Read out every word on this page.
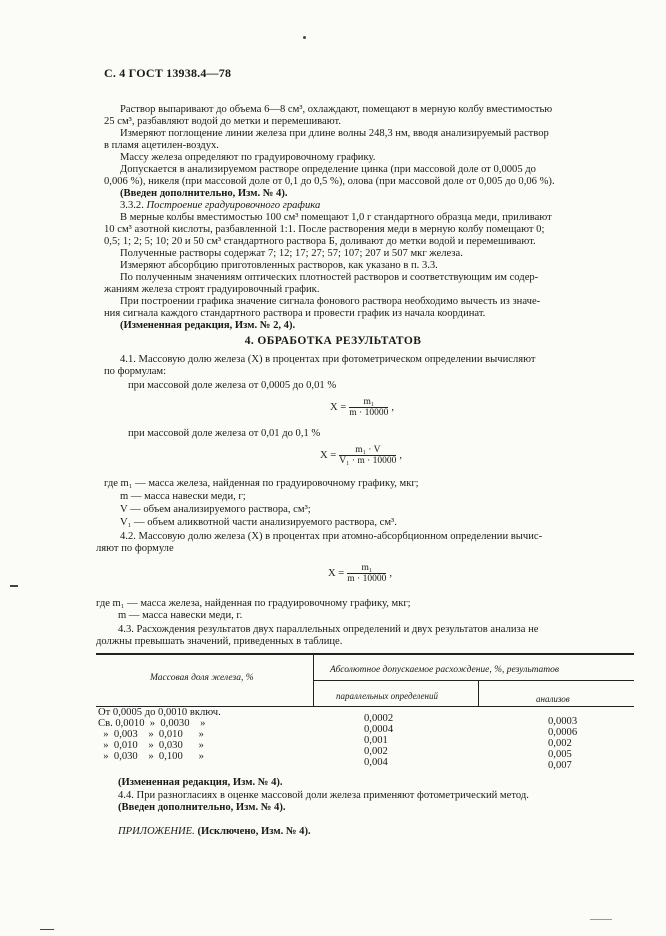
С. 4 ГОСТ 13938.4—78
Раствор выпаривают до объема 6—8 см³, охлаждают, помещают в мерную колбу вместимостью
25 см³, разбавляют водой до метки и перемешивают.
Измеряют поглощение линии железа при длине волны 248,3 нм, вводя анализируемый раствор
в пламя ацетилен-воздух.
Массу железа определяют по градуировочному графику.
Допускается в анализируемом растворе определение цинка (при массовой доле от 0,0005 до
0,006 %), никеля (при массовой доле от 0,1 до 0,5 %), олова (при массовой доле от 0,005 до 0,06 %).
(Введен дополнительно, Изм. № 4).
3.3.2. Построение градуировочного графика
В мерные колбы вместимостью 100 см³ помещают 1,0 г стандартного образца меди, приливают
10 см³ азотной кислоты, разбавленной 1:1. После растворения меди в мерную колбу помещают 0;
0,5; 1; 2; 5; 10; 20 и 50 см³ стандартного раствора Б, доливают до метки водой и перемешивают.
Полученные растворы содержат 7; 12; 17; 27; 57; 107; 207 и 507 мкг железа.
Измеряют абсорбцию приготовленных растворов, как указано в п. 3.3.
По полученным значениям оптических плотностей растворов и соответствующим им содер-
жаниям железа строят градуировочный график.
При построении графика значение сигнала фонового раствора необходимо вычесть из значе-
ния сигнала каждого стандартного раствора и провести график из начала координат.
(Измененная редакция, Изм. № 2, 4).
4. ОБРАБОТКА РЕЗУЛЬТАТОВ
4.1. Массовую долю железа (X) в процентах при фотометрическом определении вычисляют
по формулам:
при массовой доле железа от 0,0005 до 0,01 %
$X = \frac{\text{m₁}}{m \cdot 10000}$ ,
при массовой доле железа от 0,01 до 0,1 %
$X = \frac{\text{m₁ · V}}{\text{V₁ · m · 10000}}$ ,
где m₁ — масса железа, найденная по градуировочному графику, мкг;
m — масса навески меди, г;
V — объем анализируемого раствора, см³;
V₁ — объем аликвотной части анализируемого раствора, см³.
4.2. Массовую долю железа (X) в процентах при атомно-абсорбционном определении вычис-
ляют по формуле
$X = \frac{\text{m₁}}{m \cdot 10000}$ ,
где m₁ — масса железа, найденная по градуировочному графику, мкг;
m — масса навески меди, г.
4.3. Расхождения результатов двух параллельных определений и двух результатов анализа не
должны превышать значений, приведенных в таблице.
Массовая доля железа, %
Абсолютное допускаемое расхождение, %, результатов
параллельных определений	анализов
От 0,0005 до 0,0010 включ.
Св. 0,0010  »  0,0030    »
»  0,003    »  0,010      »
»  0,010    »  0,030      »
»  0,030    »  0,100      »
0,0002
0,0004
0,001
0,002
0,004
0,0003
0,0006
0,002
0,005
0,007
(Измененная редакция, Изм. № 4).
4.4. При разногласиях в оценке массовой доли железа применяют фотометрический метод.
(Введен дополнительно, Изм. № 4).
ПРИЛОЖЕНИЕ. (Исключено, Изм. № 4).
